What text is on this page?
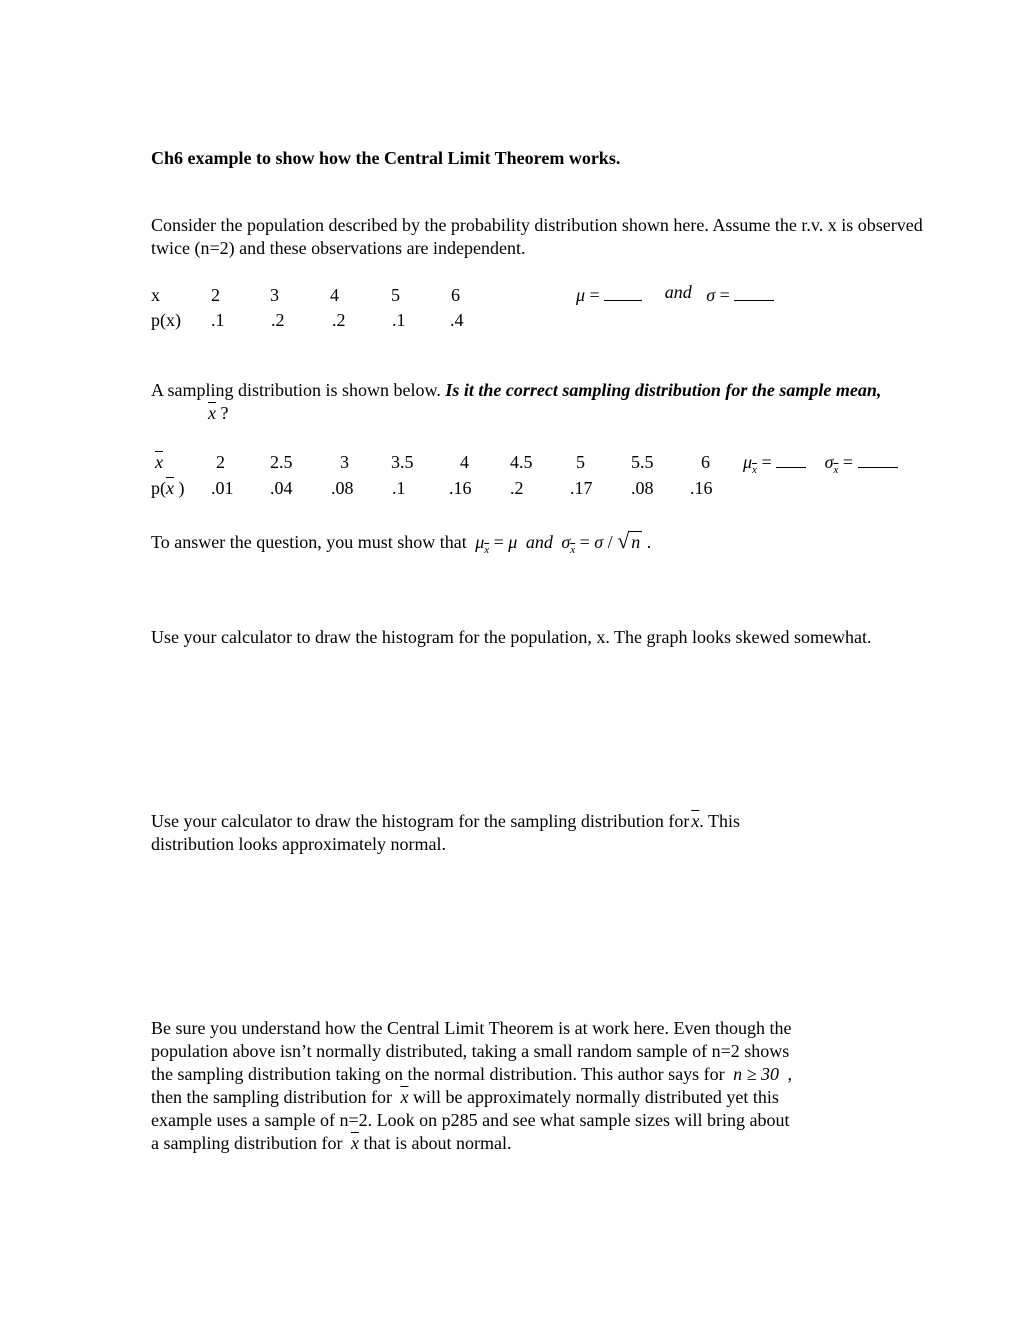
Ch6 example to show how the Central Limit Theorem works.
Consider the population described by the probability distribution shown here. Assume the r.v. x is observed twice (n=2) and these observations are independent.
x	2	3	4	5	6
p(x) .1	.2	.2	.1 .4
μ =	and σ =
A sampling distribution is shown below. Is it the correct sampling distribution for the sample mean,
$\overline{x}$ ?
x	2	2.5	3 3.5	4 4.5 5	5.5	6
$p(\overline{x}$ ) .01 .04 .08 .1 .16 .2	.17 .08 .16
$\mu_{\overline{x}}$ =	$\sigma_{\overline{x}}$ =
To answer the question, you must show that $\mu_{\overline{x}} = \mu$ and $\sigma_{\overline{x}} = \sigma$ / √ n .
Use your calculator to draw the histogram for the population, x. The graph looks skewed somewhat.
Use your calculator to draw the histogram for the sampling distribution for $\overline{x}$. This
distribution looks approximately normal.
Be sure you understand how the Central Limit Theorem is at work here. Even though the
population above isn’t normally distributed, taking a small random sample of n=2 shows
the sampling distribution taking on the normal distribution. This author says for n ≥ 30 ,
then the sampling distribution for $\overline{x}$ will be approximately normally distributed yet this
example uses a sample of n=2. Look on p285 and see what sample sizes will bring about
a sampling distribution for $\overline{x}$ that is about normal.
